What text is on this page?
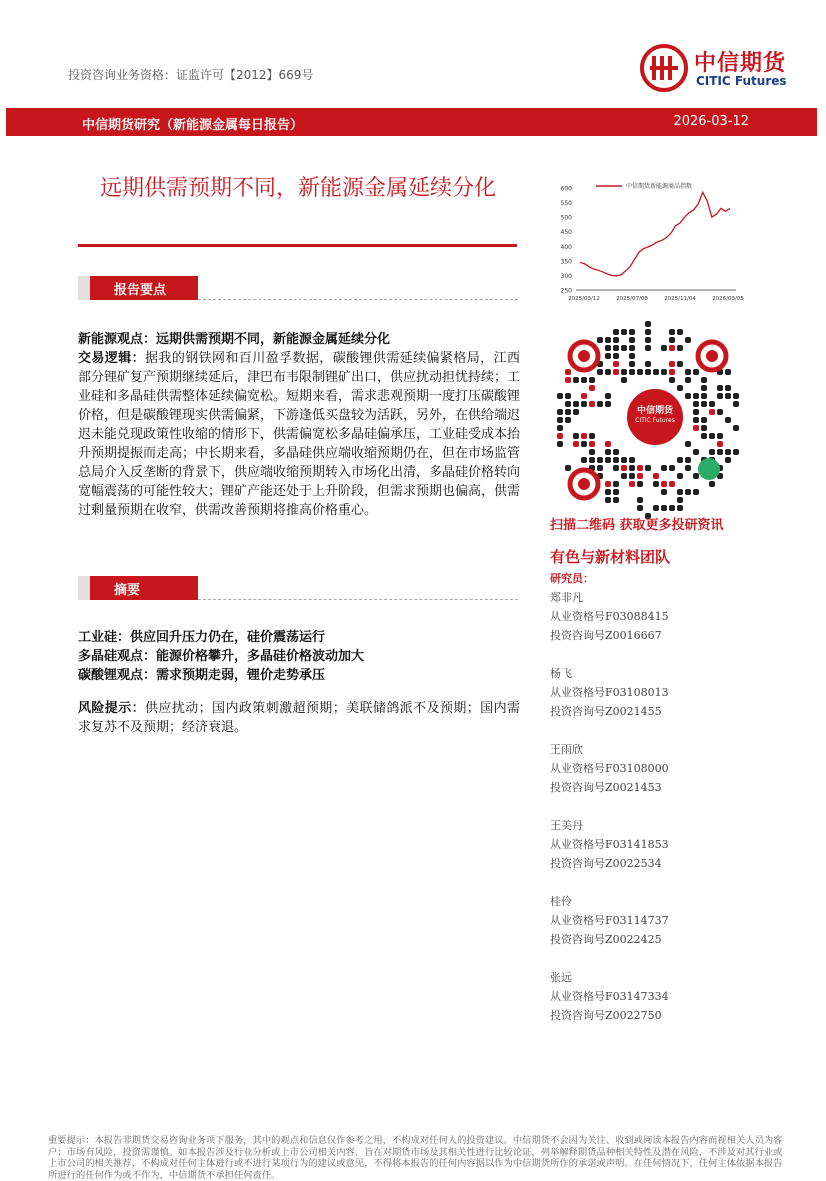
投资咨询业务资格：证监许可【2012】669号	中信期货
CITIC Futures
中信期货研究（新能源金属每日报告）	2026-03-12
远期供需预期不同，新能源金属延续分化
报告要点
新能源观点：远期供需预期不同，新能源金属延续分化
交易逻辑：据我的钢铁网和百川盈孚数据，碳酸锂供需延续偏紧格局，江西部分锂矿复产预期继续延后，津巴布韦限制锂矿出口，供应扰动担忧持续；工业硅和多晶硅供需整体延续偏宽松。短期来看，需求悲观预期一度打压碳酸锂价格，但是碳酸锂现实供需偏紧，下游逢低买盘较为活跃，另外，在供给端迟迟未能兑现政策性收缩的情形下，供需偏宽松多晶硅偏承压，工业硅受成本抬升预期提振而走高；中长期来看，多晶硅供应端收缩预期仍在，但在市场监管总局介入反垄断的背景下，供应端收缩预期转入市场化出清，多晶硅价格转向宽幅震荡的可能性较大；锂矿产能还处于上升阶段，但需求预期也偏高，供需过剩量预期在收窄，供需改善预期将推高价格重心。
摘要
工业硅：供应回升压力仍在，硅价震荡运行
多晶硅观点：能源价格攀升，多晶硅价格波动加大
碳酸锂观点：需求预期走弱，锂价走势承压
风险提示：供应扰动；国内政策刺激超预期；美联储鸽派不及预期；国内需求复苏不及预期；经济衰退。
600
550
500
450
400
350
300
250
2025/03/12	2025/07/08	2025/11/04	2026/03/05
中信期货新能源商品指数
中信期货
CITIC Futures
扫描二维码 获取更多投研资讯
有色与新材料团队
研究员：
郑非凡
从业资格号F03088415
投资咨询号Z0016667
杨飞
从业资格号F03108013
投资咨询号Z0021455
王雨欣
从业资格号F03108000
投资咨询号Z0021453
王美丹
从业资格号F03141853
投资咨询号Z0022534
桂伶
从业资格号F03114737
投资咨询号Z0022425
张远
从业资格号F03147334
投资咨询号Z0022750
重要提示：本报告非期货交易咨询业务项下服务，其中的观点和信息仅作参考之用，不构成对任何人的投资建议。中信期货不会因为关注、收到或阅读本报告内容而视相关人员为客户；市场有风险，投资需谨慎。如本报告涉及行业分析或上市公司相关内容，旨在对期货市场及其相关性进行比较论证，列举解释期货品种相关特性及潜在风险，不涉及对其行业或上市公司的相关推荐，不构成对任何主体进行或不进行某项行为的建议或意见，不得将本报告的任何内容据以作为中信期货所作的承诺或声明。在任何情况下，任何主体依据本报告所进行的任何作为或不作为，中信期货不承担任何责任。
